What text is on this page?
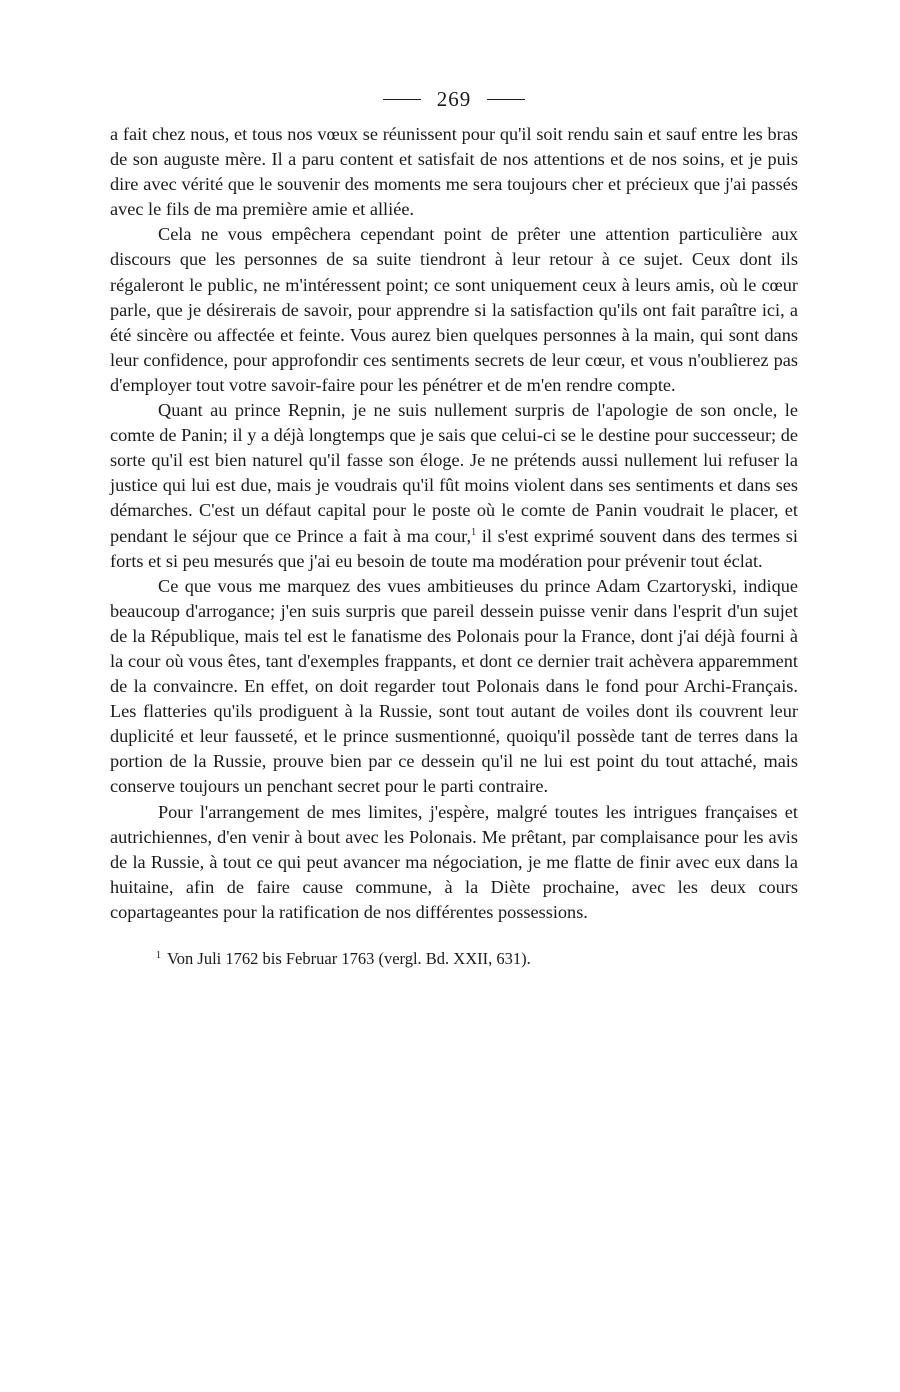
269

a fait chez nous, et tous nos vœux se réunissent pour qu'il soit rendu sain et sauf entre les bras de son auguste mère. Il a paru content et satisfait de nos attentions et de nos soins, et je puis dire avec vérité que le souvenir des moments me sera toujours cher et précieux que j'ai passés avec le fils de ma première amie et alliée.

Cela ne vous empêchera cependant point de prêter une attention particulière aux discours que les personnes de sa suite tiendront à leur retour à ce sujet. Ceux dont ils régaleront le public, ne m'intéressent point; ce sont uniquement ceux à leurs amis, où le cœur parle, que je désirerais de savoir, pour apprendre si la satisfaction qu'ils ont fait paraître ici, a été sincère ou affectée et feinte. Vous aurez bien quelques personnes à la main, qui sont dans leur confidence, pour approfondir ces sentiments secrets de leur cœur, et vous n'oublierez pas d'employer tout votre savoir-faire pour les pénétrer et de m'en rendre compte.

Quant au prince Repnin, je ne suis nullement surpris de l'apologie de son oncle, le comte de Panin; il y a déjà longtemps que je sais que celui-ci se le destine pour successeur; de sorte qu'il est bien naturel qu'il fasse son éloge. Je ne prétends aussi nullement lui refuser la justice qui lui est due, mais je voudrais qu'il fût moins violent dans ses sentiments et dans ses démarches. C'est un défaut capital pour le poste où le comte de Panin voudrait le placer, et pendant le séjour que ce Prince a fait à ma cour,$^1$ il s'est exprimé souvent dans des termes si forts et si peu mesurés que j'ai eu besoin de toute ma modération pour prévenir tout éclat.

Ce que vous me marquez des vues ambitieuses du prince Adam Czartoryski, indique beaucoup d'arrogance; j'en suis surpris que pareil dessein puisse venir dans l'esprit d'un sujet de la République, mais tel est le fanatisme des Polonais pour la France, dont j'ai déjà fourni à la cour où vous êtes, tant d'exemples frappants, et dont ce dernier trait achèvera apparemment de la convaincre. En effet, on doit regarder tout Polonais dans le fond pour Archi-Français. Les flatteries qu'ils prodiguent à la Russie, sont tout autant de voiles dont ils couvrent leur duplicité et leur fausseté, et le prince susmentionné, quoiqu'il possède tant de terres dans la portion de la Russie, prouve bien par ce dessein qu'il ne lui est point du tout attaché, mais conserve toujours un penchant secret pour le parti contraire.

Pour l'arrangement de mes limites, j'espère, malgré toutes les intrigues françaises et autrichiennes, d'en venir à bout avec les Polonais. Me prêtant, par complaisance pour les avis de la Russie, à tout ce qui peut avancer ma négociation, je me flatte de finir avec eux dans la huitaine, afin de faire cause commune, à la Diète prochaine, avec les deux cours copartageantes pour la ratification de nos différentes possessions.

$^1$ Von Juli 1762 bis Februar 1763 (vergl. Bd. XXII, 631).
